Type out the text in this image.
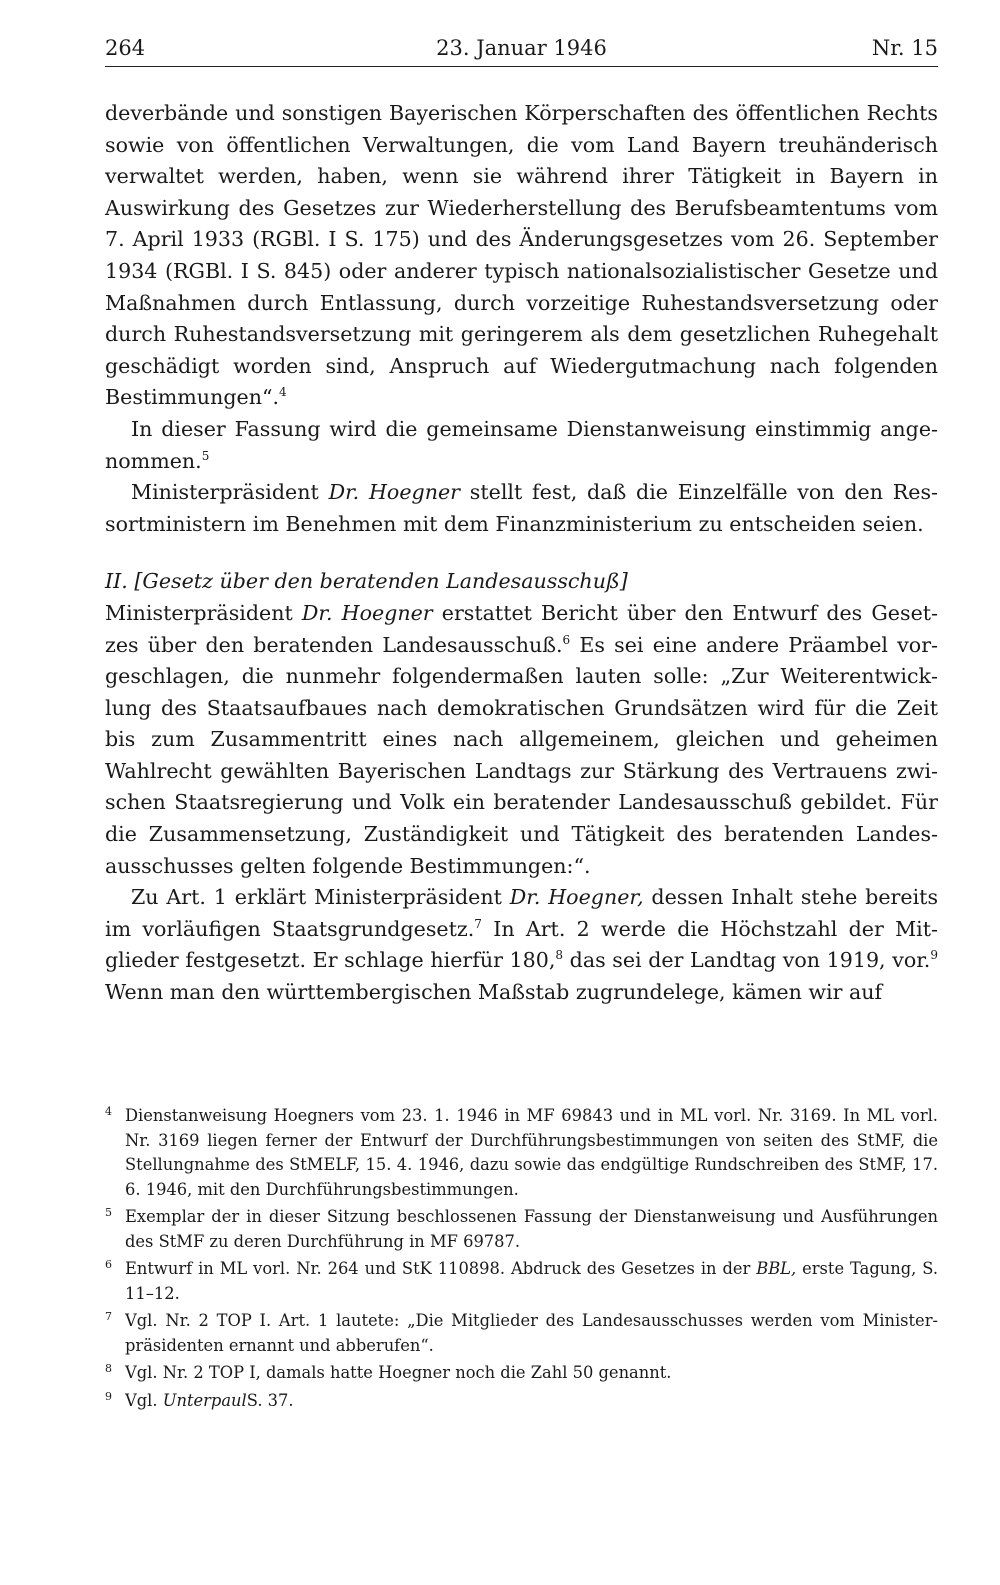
264	23. Januar 1946	Nr. 15

deverbände und sonstigen Bayerischen Körperschaften des öffentlichen Rechts sowie von öffentlichen Verwaltungen, die vom Land Bayern treuhänderisch verwaltet werden, haben, wenn sie während ihrer Tätigkeit in Bayern in Auswirkung des Gesetzes zur Wiederherstellung des Berufsbeamtentums vom 7. April 1933 (RGBl. I S. 175) und des Änderungsgesetzes vom 26. September 1934 (RGBl. I S. 845) oder anderer typisch nationalsozialistischer Gesetze und Maßnahmen durch Entlassung, durch vorzeitige Ruhestandsversetzung oder durch Ruhestandsversetzung mit geringerem als dem gesetzlichen Ruhegehalt geschädigt worden sind, Anspruch auf Wiedergutmachung nach folgenden Bestimmungen“.$^4$

In dieser Fassung wird die gemeinsame Dienstanweisung einstimmig angenommen.$^5$

Ministerpräsident Dr. Hoegner stellt fest, daß die Einzelfälle von den Ressortministern im Benehmen mit dem Finanzministerium zu entscheiden seien.

II. [Gesetz über den beratenden Landesausschuß]

Ministerpräsident Dr. Hoegner erstattet Bericht über den Entwurf des Gesetzes über den beratenden Landesausschuß.$^6$ Es sei eine andere Präambel vorgeschlagen, die nunmehr folgendermaßen lauten solle: „Zur Weiterentwicklung des Staatsaufbaues nach demokratischen Grundsätzen wird für die Zeit bis zum Zusammentritt eines nach allgemeinem, gleichen und geheimen Wahlrecht gewählten Bayerischen Landtags zur Stärkung des Vertrauens zwischen Staatsregierung und Volk ein beratender Landesausschuß gebildet. Für die Zusammensetzung, Zuständigkeit und Tätigkeit des beratenden Landesausschusses gelten folgende Bestimmungen:“.

Zu Art. 1 erklärt Ministerpräsident Dr. Hoegner, dessen Inhalt stehe bereits im vorläufigen Staatsgrundgesetz.$^7$ In Art. 2 werde die Höchstzahl der Mitglieder festgesetzt. Er schlage hierfür 180,$^8$ das sei der Landtag von 1919, vor.$^9$ Wenn man den württembergischen Maßstab zugrundelege, kämen wir auf

4 Dienstanweisung Hoegners vom 23. 1. 1946 in MF 69843 und in ML vorl. Nr. 3169. In ML vorl. Nr. 3169 liegen ferner der Entwurf der Durchführungsbestimmungen von seiten des StMF, die Stellungnahme des StMELF, 15. 4. 1946, dazu sowie das endgültige Rundschreiben des StMF, 17. 6. 1946, mit den Durchführungsbestimmungen.
5 Exemplar der in dieser Sitzung beschlossenen Fassung der Dienstanweisung und Ausführungen des StMF zu deren Durchführung in MF 69787.
6 Entwurf in ML vorl. Nr. 264 und StK 110898. Abdruck des Gesetzes in der BBL, erste Tagung, S. 11–12.
7 Vgl. Nr. 2 TOP I. Art. 1 lautete: „Die Mitglieder des Landesausschusses werden vom Ministerpräsidenten ernannt und abberufen“.
8 Vgl. Nr. 2 TOP I, damals hatte Hoegner noch die Zahl 50 genannt.
9 Vgl. UnterpaulS. 37.
